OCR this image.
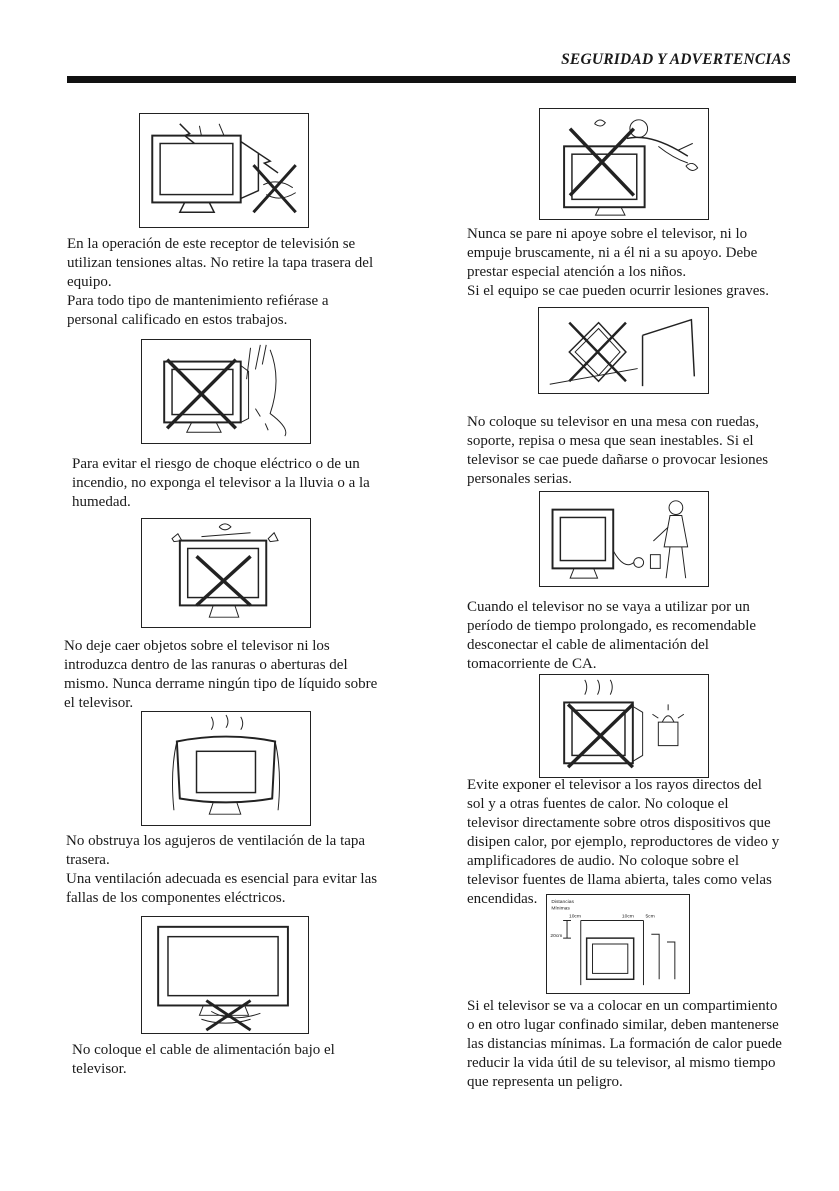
SEGURIDAD Y ADVERTENCIAS
Distancias
Mínimas
10cm	10cm 5cm
20cm

En la operación de este receptor de televisión se
utilizan tensiones altas. No retire la tapa trasera del
equipo.
Para todo tipo de mantenimiento refiérase a
personal calificado en estos trabajos.

Para evitar el riesgo de choque eléctrico o de un
incendio, no exponga el televisor a la lluvia o a la
humedad.

No deje caer objetos sobre el televisor ni los
introduzca dentro de las ranuras o aberturas del
mismo. Nunca derrame ningún tipo de líquido sobre
el televisor.

No obstruya los agujeros de ventilación de la tapa
trasera.
Una ventilación adecuada es esencial para evitar las
fallas de los componentes eléctricos.

No coloque el cable de alimentación bajo el
televisor.

Nunca se pare ni apoye sobre el televisor, ni lo
empuje bruscamente, ni a él ni a su apoyo. Debe
prestar especial atención a los niños.
Si el equipo se cae pueden ocurrir lesiones graves.

No coloque su televisor en una mesa con ruedas,
soporte, repisa o mesa que sean inestables. Si el
televisor se cae puede dañarse o provocar lesiones
personales serias.

Cuando el televisor no se vaya a utilizar por un
período de tiempo prolongado, es recomendable
desconectar el cable de alimentación del
tomacorriente de CA.

Evite exponer el televisor a los rayos directos del
sol y a otras fuentes de calor. No coloque el
televisor directamente sobre otros dispositivos que
disipen calor, por ejemplo, reproductores de video y
amplificadores de audio. No coloque sobre el
televisor fuentes de llama abierta, tales como velas
encendidas.

Si el televisor se va a colocar en un compartimiento
o en otro lugar confinado similar, deben mantenerse
las distancias mínimas. La formación de calor puede
reducir la vida útil de su televisor, al mismo tiempo
que representa un peligro.
